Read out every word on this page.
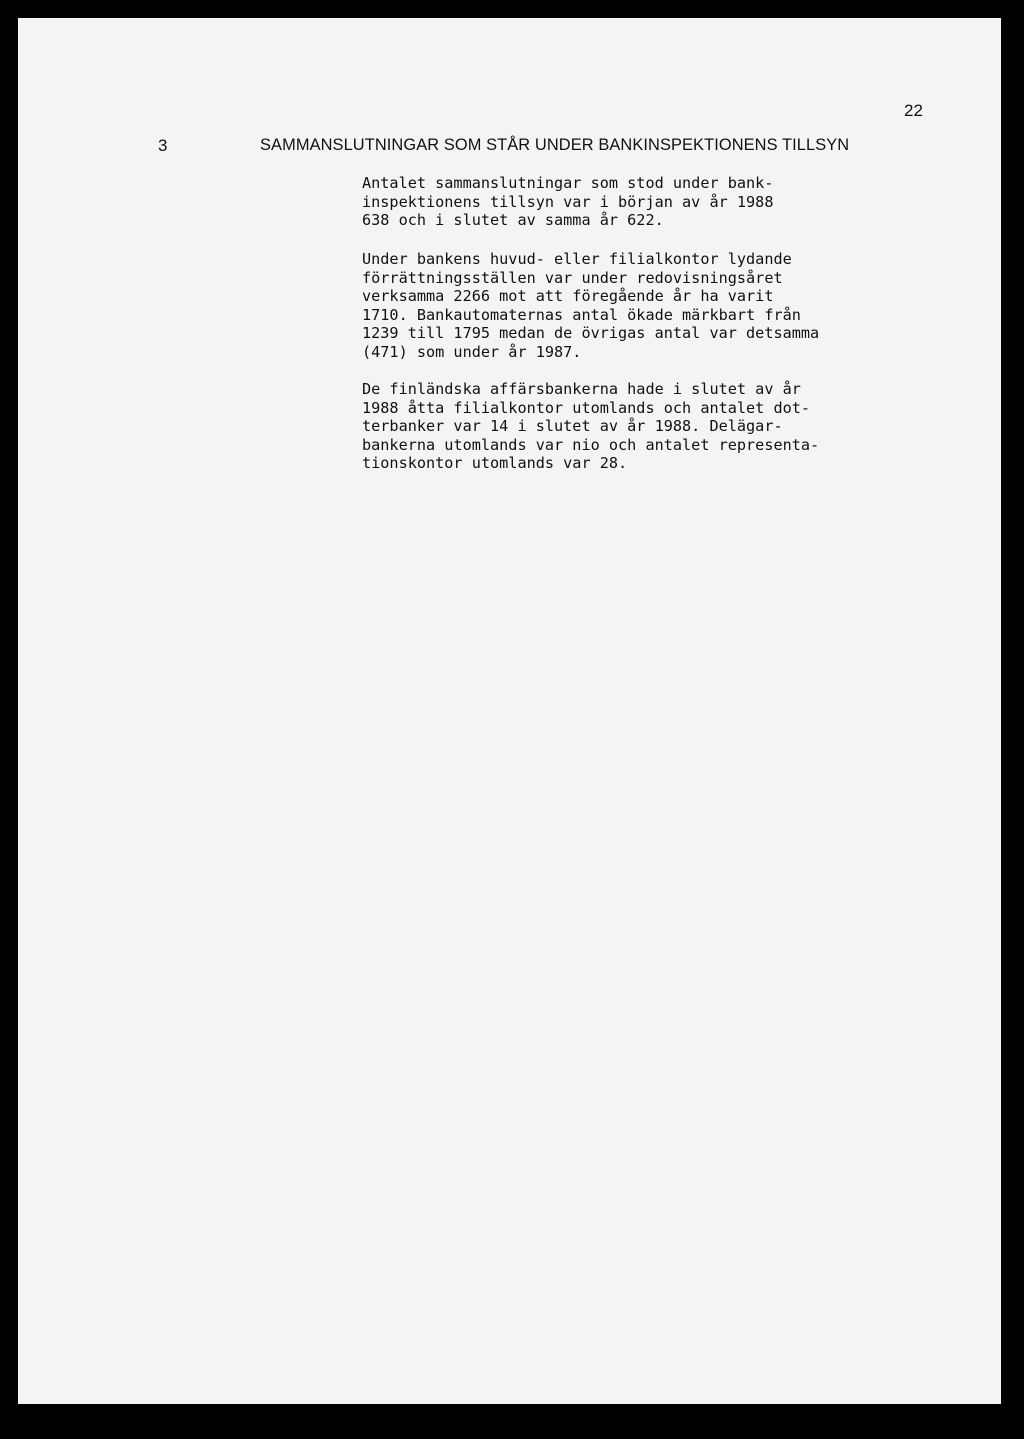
22
3	SAMMANSLUTNINGAR SOM STÅR UNDER BANKINSPEKTIONENS TILLSYN

Antalet sammanslutningar som stod under bank-
inspektionens tillsyn var i början av år 1988
638 och i slutet av samma år 622.

Under bankens huvud- eller filialkontor lydande
förrättningsställen var under redovisningsåret
verksamma 2266 mot att föregående år ha varit
1710. Bankautomaternas antal ökade märkbart från
1239 till 1795 medan de övrigas antal var detsamma
(471) som under år 1987.

De finländska affärsbankerna hade i slutet av år
1988 åtta filialkontor utomlands och antalet dot-
terbanker var 14 i slutet av år 1988. Delägar-
bankerna utomlands var nio och antalet representa-
tionskontor utomlands var 28.
